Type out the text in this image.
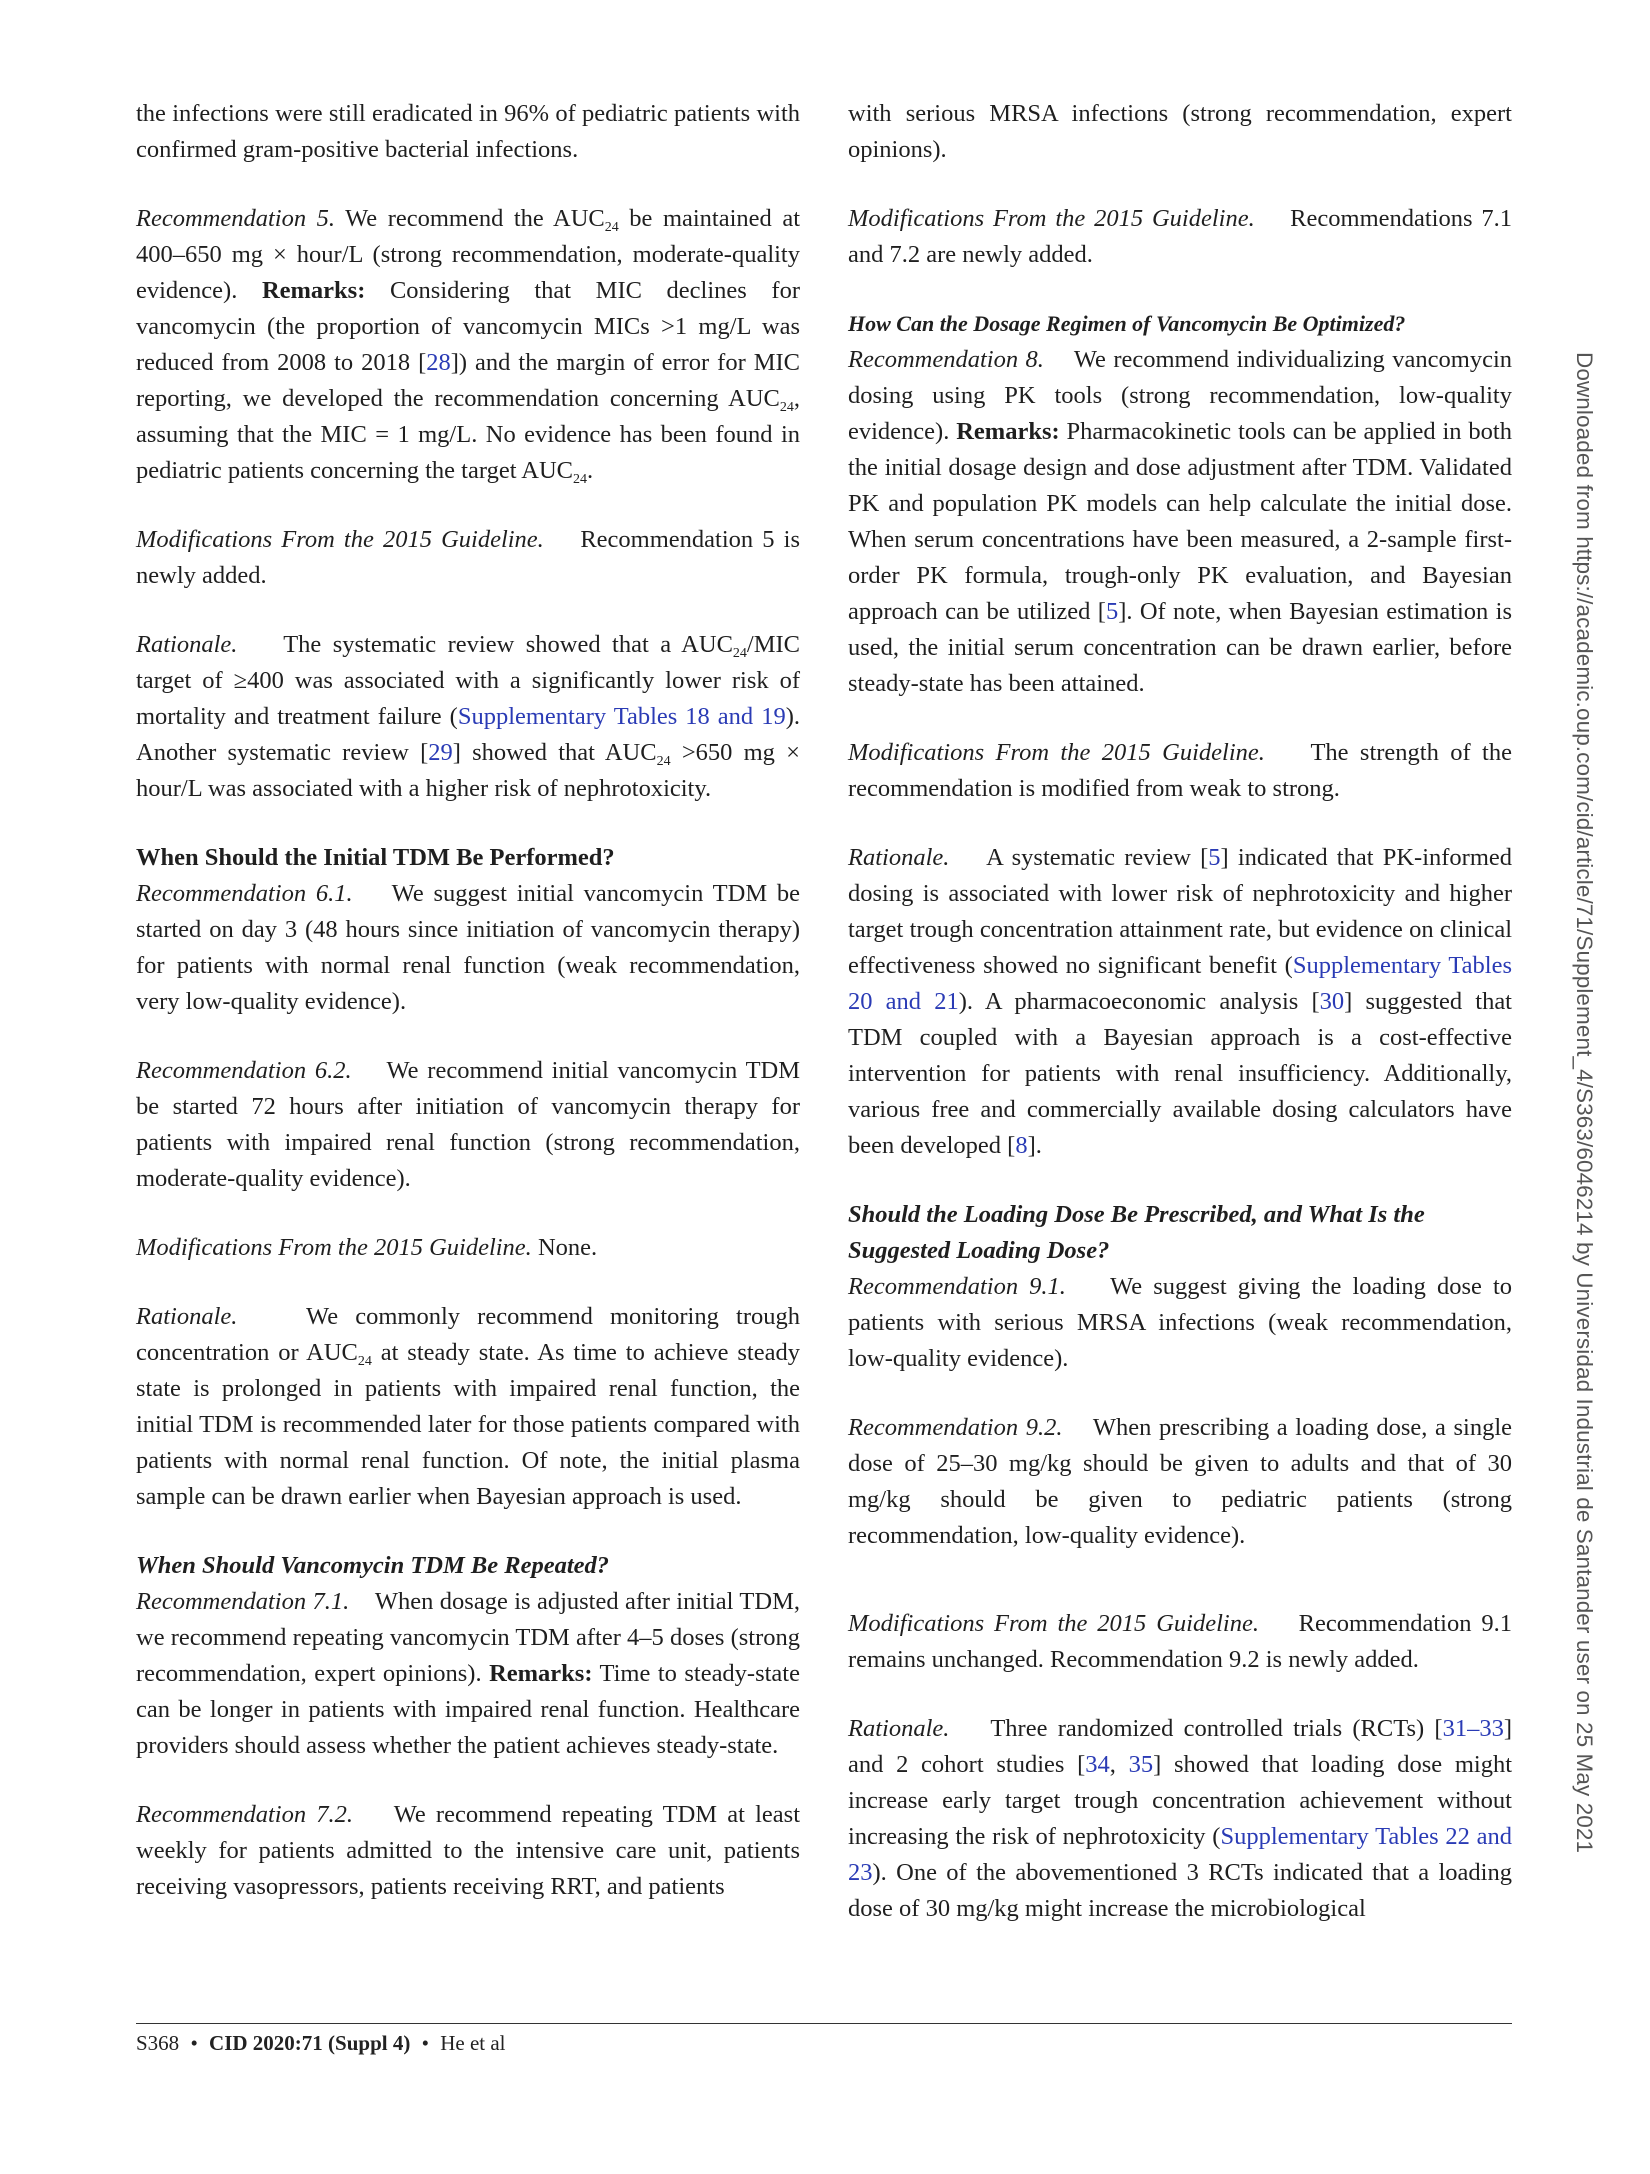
the infections were still eradicated in 96% of pediatric patients with confirmed gram-positive bacterial infections.

Recommendation 5. We recommend the $AUC_{24}$ be maintained at 400–650 mg × hour/L (strong recommendation, moderate-quality evidence). Remarks: Considering that MIC declines for vancomycin (the proportion of vancomycin MICs >1 mg/L was reduced from 2008 to 2018 [28]) and the margin of error for MIC reporting, we developed the recommendation concerning $AUC_{24}$, assuming that the MIC = 1 mg/L. No evidence has been found in pediatric patients concerning the target $AUC_{24}$.

Modifications From the 2015 Guideline. Recommendation 5 is newly added.

Rationale. The systematic review showed that a $AUC_{24}$/MIC target of ≥400 was associated with a significantly lower risk of mortality and treatment failure (Supplementary Tables 18 and 19). Another systematic review [29] showed that $AUC_{24} >650$ mg × hour/L was associated with a higher risk of nephrotoxicity.

When Should the Initial TDM Be Performed?

Recommendation 6.1. We suggest initial vancomycin TDM be started on day 3 (48 hours since initiation of vancomycin therapy) for patients with normal renal function (weak recommendation, very low-quality evidence).

Recommendation 6.2. We recommend initial vancomycin TDM be started 72 hours after initiation of vancomycin therapy for patients with impaired renal function (strong recommendation, moderate-quality evidence).

Modifications From the 2015 Guideline. None.

Rationale.	We commonly recommend monitoring trough concentration or $AUC_{24}$ at steady state. As time to achieve steady state is prolonged in patients with impaired renal function, the initial TDM is recommended later for those patients compared with patients with normal renal function. Of note, the initial plasma sample can be drawn earlier when Bayesian approach is used.

When Should Vancomycin TDM Be Repeated?

Recommendation 7.1. When dosage is adjusted after initial TDM, we recommend repeating vancomycin TDM after 4–5 doses (strong recommendation, expert opinions). Remarks: Time to steady-state can be longer in patients with impaired renal function. Healthcare providers should assess whether the patient achieves steady-state.

Recommendation 7.2. We recommend repeating TDM at least weekly for patients admitted to the intensive care unit, patients receiving vasopressors, patients receiving RRT, and patients

with serious MRSA infections (strong recommendation, expert opinions).

Modifications From the 2015 Guideline. Recommendations 7.1 and 7.2 are newly added.

How Can the Dosage Regimen of Vancomycin Be Optimized?

Recommendation 8. We recommend individualizing vancomycin dosing using PK tools (strong recommendation, low-quality evidence). Remarks: Pharmacokinetic tools can be applied in both the initial dosage design and dose adjustment after TDM. Validated PK and population PK models can help calculate the initial dose. When serum concentrations have been measured, a 2-sample first-order PK formula, trough-only PK evaluation, and Bayesian approach can be utilized [5]. Of note, when Bayesian estimation is used, the initial serum concentration can be drawn earlier, before steady-state has been attained.

Modifications From the 2015 Guideline. The strength of the recommendation is modified from weak to strong.

Rationale. A systematic review [5] indicated that PK-informed dosing is associated with lower risk of nephrotoxicity and higher target trough concentration attainment rate, but evidence on clinical effectiveness showed no significant benefit (Supplementary Tables 20 and 21). A pharmacoeconomic analysis [30] suggested that TDM coupled with a Bayesian approach is a cost-effective intervention for patients with renal insufficiency. Additionally, various free and commercially available dosing calculators have been developed [8].

Should the Loading Dose Be Prescribed, and What Is the Suggested Loading Dose?

Recommendation 9.1. We suggest giving the loading dose to patients with serious MRSA infections (weak recommendation, low-quality evidence).

Recommendation 9.2. When prescribing a loading dose, a single dose of 25–30 mg/kg should be given to adults and that of 30 mg/kg should be given to pediatric patients (strong recommendation, low-quality evidence).

Modifications From the 2015 Guideline. Recommendation 9.1 remains unchanged. Recommendation 9.2 is newly added.

Rationale. Three randomized controlled trials (RCTs) [31–33] and 2 cohort studies [34, 35] showed that loading dose might increase early target trough concentration achievement without increasing the risk of nephrotoxicity (Supplementary Tables 22 and 23). One of the abovementioned 3 RCTs indicated that a loading dose of 30 mg/kg might increase the microbiological

Downloaded from https://academic.oup.com/cid/article/71/Supplement_4/S363/6046214 by Universidad Industrial de Santander user on 25 May 2021
S368 • CID 2020:71 (Suppl 4) • He et al
